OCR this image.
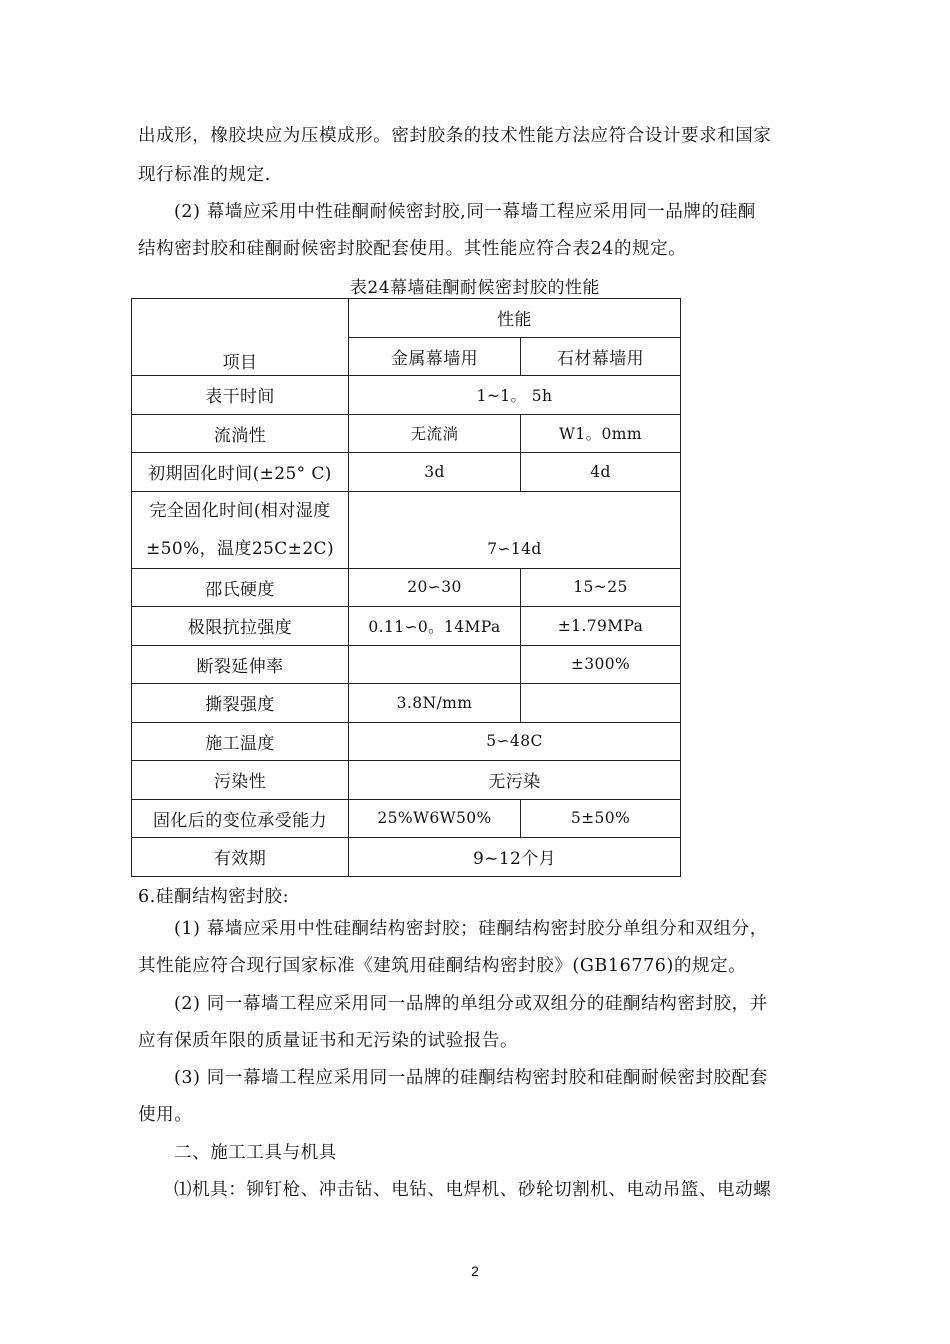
出成形，橡胶块应为压模成形。密封胶条的技术性能方法应符合设计要求和国家
现行标准的规定.
(2) 幕墙应采用中性硅酮耐候密封胶,同一幕墙工程应采用同一品牌的硅酮
结构密封胶和硅酮耐候密封胶配套使用。其性能应符合表24的规定。
表24幕墙硅酮耐候密封胶的性能
项目	性能	
	金属幕墙用	石材幕墙用
表干时间	1~1。 5h	
流淌性	无流淌	W1。0mm
初期固化时间(±25° C)	3d	4d

完全固化时间(相对湿度
±50%，温度25C±2C)	7∽14d	
邵氏硬度	20∽30	15~25
极限抗拉强度	0.11∽0。14MPa	±1.79MPa
断裂延伸率		±300%
撕裂强度	3.8N/mm	
施工温度	5∽48C	
污染性	无污染	
固化后的变位承受能力	25%W6W50%	5±50%
有效期	9~12个月	
6.硅酮结构密封胶:
(1) 幕墙应采用中性硅酮结构密封胶；硅酮结构密封胶分单组分和双组分，
其性能应符合现行国家标准《建筑用硅酮结构密封胶》(GB16776)的规定。
(2) 同一幕墙工程应采用同一品牌的单组分或双组分的硅酮结构密封胶，并
应有保质年限的质量证书和无污染的试验报告。
(3) 同一幕墙工程应采用同一品牌的硅酮结构密封胶和硅酮耐候密封胶配套
使用。
二、施工工具与机具
⑴机具：铆钉枪、冲击钻、电钻、电焊机、砂轮切割机、电动吊篮、电动螺
2
